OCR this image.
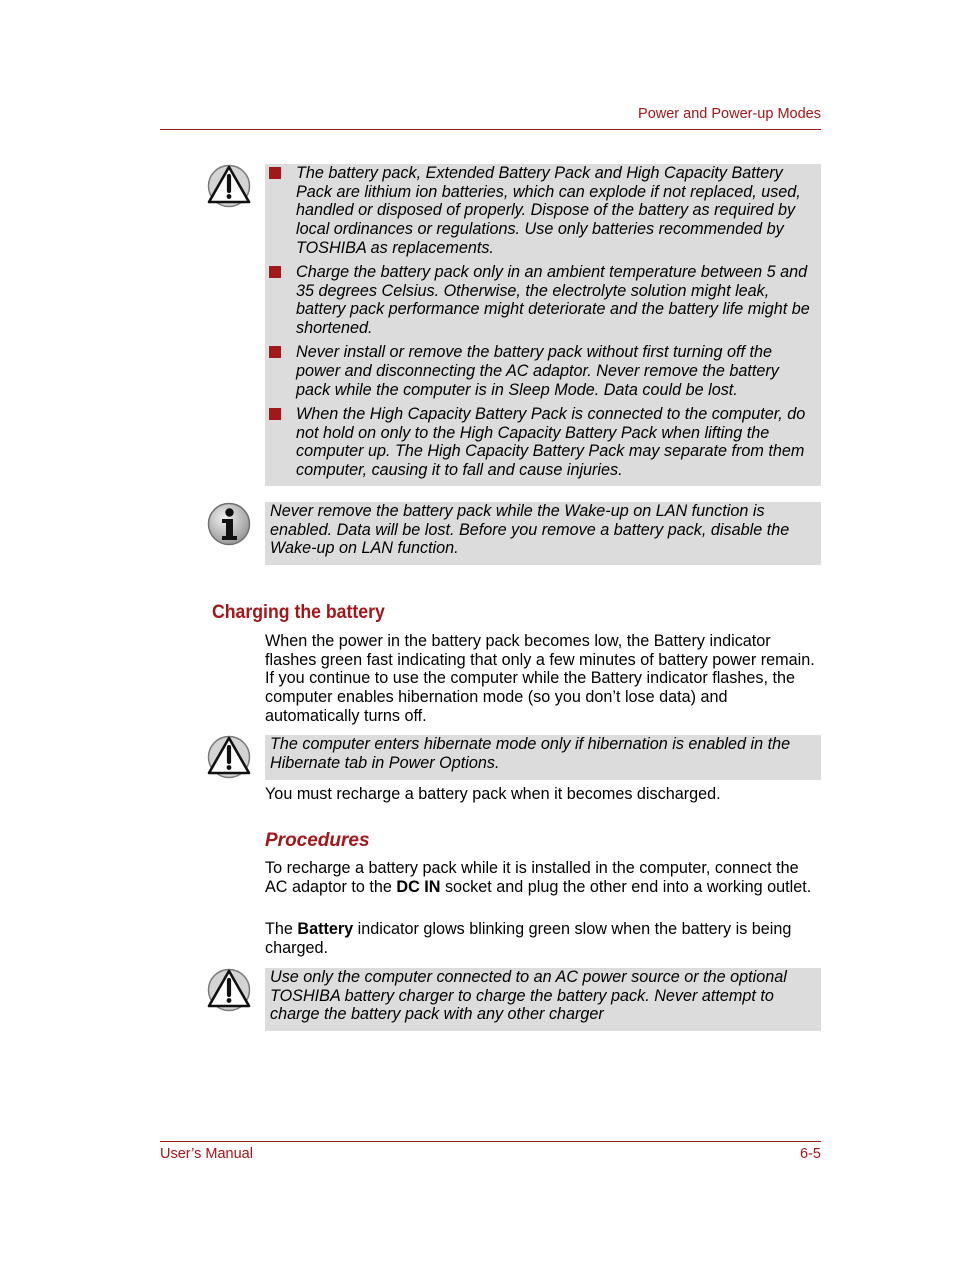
Power and Power-up Modes
The battery pack, Extended Battery Pack and High Capacity Battery Pack are lithium ion batteries, which can explode if not replaced, used, handled or disposed of properly. Dispose of the battery as required by local ordinances or regulations. Use only batteries recommended by TOSHIBA as replacements.
Charge the battery pack only in an ambient temperature between 5 and 35 degrees Celsius. Otherwise, the electrolyte solution might leak, battery pack performance might deteriorate and the battery life might be shortened.
Never install or remove the battery pack without first turning off the power and disconnecting the AC adaptor. Never remove the battery pack while the computer is in Sleep Mode. Data could be lost.
When the High Capacity Battery Pack is connected to the computer, do not hold on only to the High Capacity Battery Pack when lifting the computer up. The High Capacity Battery Pack may separate from them computer, causing it to fall and cause injuries.
Never remove the battery pack while the Wake-up on LAN function is enabled. Data will be lost. Before you remove a battery pack, disable the Wake-up on LAN function.
Charging the battery
When the power in the battery pack becomes low, the Battery indicator flashes green fast indicating that only a few minutes of battery power remain. If you continue to use the computer while the Battery indicator flashes, the computer enables hibernation mode (so you don’t lose data) and automatically turns off.
The computer enters hibernate mode only if hibernation is enabled in the Hibernate tab in Power Options.
You must recharge a battery pack when it becomes discharged.
Procedures
To recharge a battery pack while it is installed in the computer, connect the AC adaptor to the DC IN socket and plug the other end into a working outlet.
The Battery indicator glows blinking green slow when the battery is being charged.
Use only the computer connected to an AC power source or the optional TOSHIBA battery charger to charge the battery pack. Never attempt to charge the battery pack with any other charger
User’s Manual	6-5
